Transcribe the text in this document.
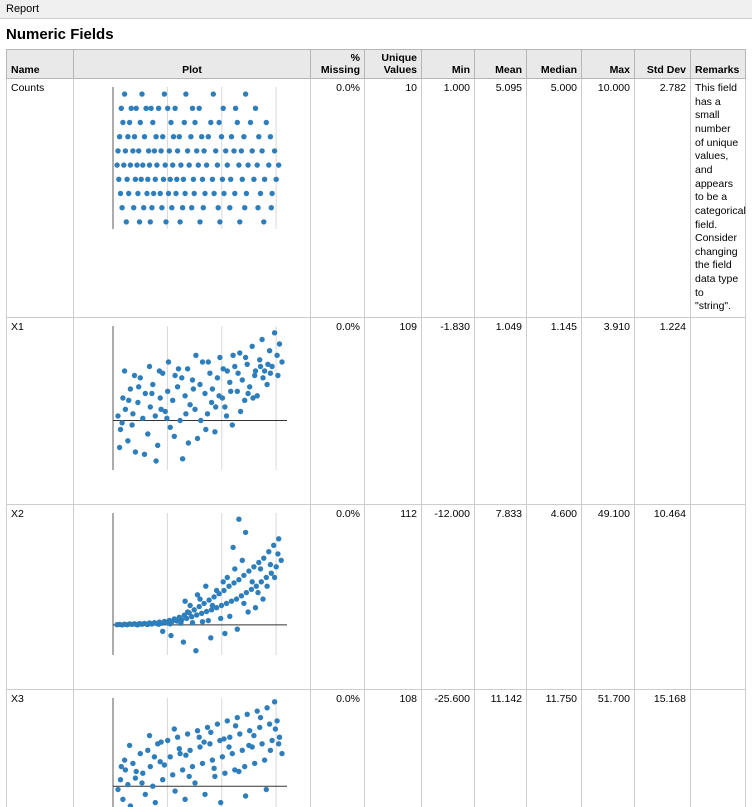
Report
Numeric Fields
Name	Plot	% Missing	Unique Values	Min	Mean	Median	Max	Std Dev	Remarks
Counts		0.0%	10	1.000	5.095	5.000	10.000	2.782	This field has a small number of unique values, and appears to be a categorical field. Consider changing the field data type to "string".
X1		0.0%	109	-1.830	1.049	1.145	3.910	1.224	
X2		0.0%	112	-12.000	7.833	4.600	49.100	10.464	
X3		0.0%	108	-25.600	11.142	11.750	51.700	15.168	
